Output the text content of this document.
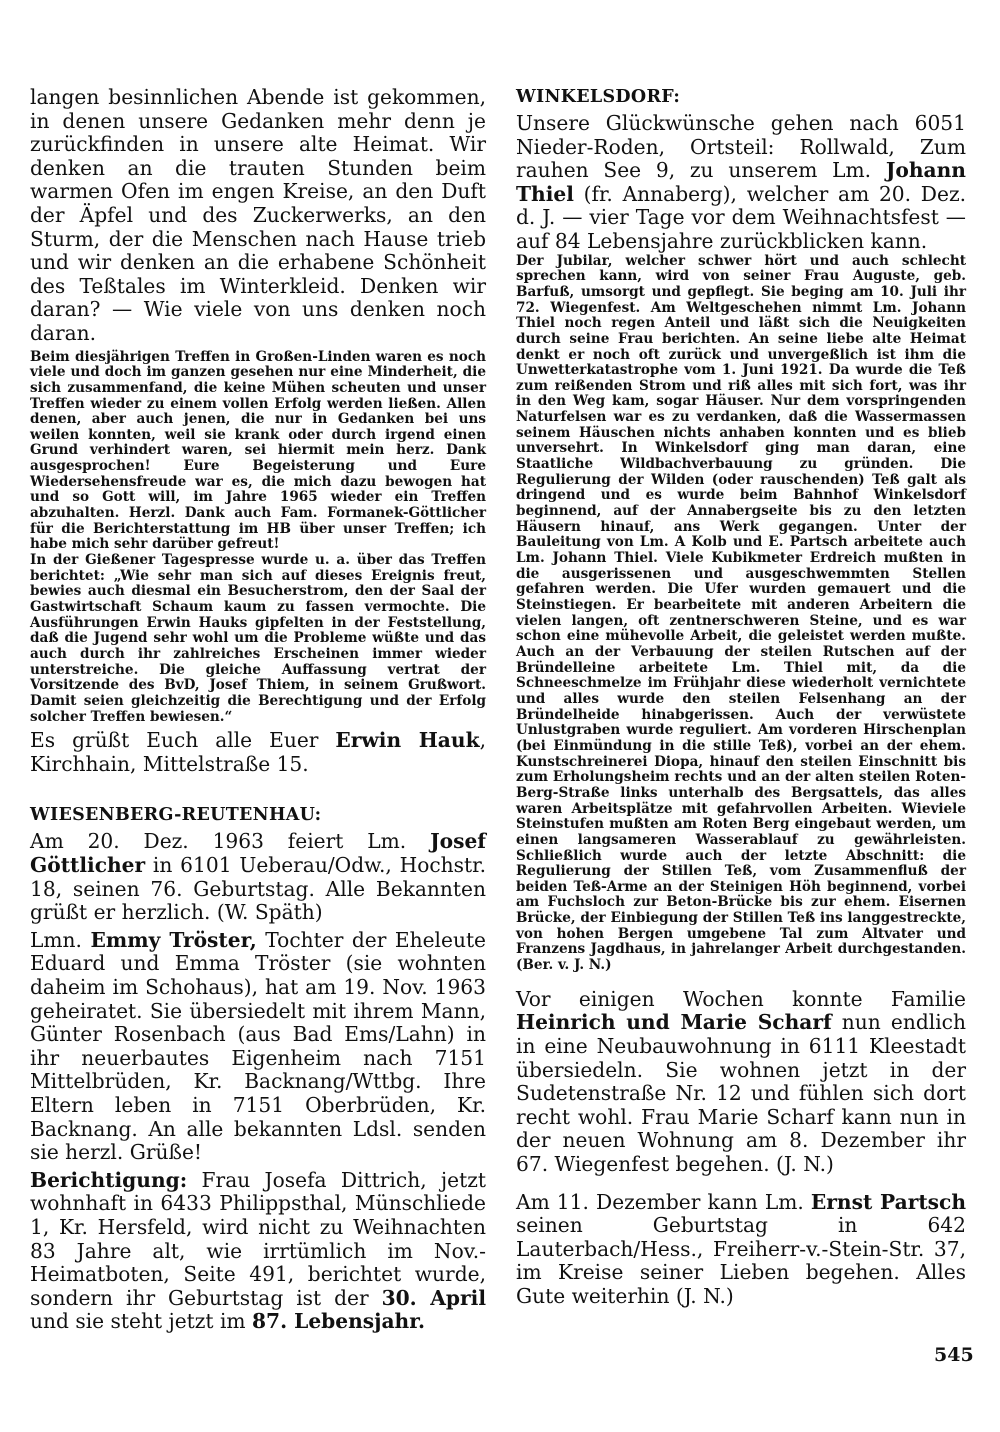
langen besinnlichen Abende ist gekommen, in denen unsere Gedanken mehr denn je zurückfinden in unsere alte Heimat. Wir denken an die trauten Stunden beim warmen Ofen im engen Kreise, an den Duft der Äpfel und des Zuckerwerks, an den Sturm, der die Menschen nach Hause trieb und wir denken an die erhabene Schönheit des Teßtales im Winterkleid. Denken wir daran? — Wie viele von uns denken noch daran.

Beim diesjährigen Treffen in Großen-Linden waren es noch viele und doch im ganzen gesehen nur eine Minderheit, die sich zusammenfand, die keine Mühen scheuten und unser Treffen wieder zu einem vollen Erfolg werden ließen. Allen denen, aber auch jenen, die nur in Gedanken bei uns weilen konnten, weil sie krank oder durch irgend einen Grund verhindert waren, sei hiermit mein herz. Dank ausgesprochen! Eure Begeisterung und Eure Wiedersehensfreude war es, die mich dazu bewogen hat und so Gott will, im Jahre 1965 wieder ein Treffen abzuhalten. Herzl. Dank auch Fam. Formanek-Göttlicher für die Berichterstattung im HB über unser Treffen; ich habe mich sehr darüber gefreut!

In der Gießener Tagespresse wurde u. a. über das Treffen berichtet: „Wie sehr man sich auf dieses Ereignis freut, bewies auch diesmal ein Besucherstrom, den der Saal der Gastwirtschaft Schaum kaum zu fassen vermochte. Die Ausführungen Erwin Hauks gipfelten in der Feststellung, daß die Jugend sehr wohl um die Probleme wüßte und das auch durch ihr zahlreiches Erscheinen immer wieder unterstreiche. Die gleiche Auffassung vertrat der Vorsitzende des BvD, Josef Thiem, in seinem Grußwort. Damit seien gleichzeitig die Berechtigung und der Erfolg solcher Treffen bewiesen.“

Es grüßt Euch alle Euer Erwin Hauk, Kirchhain, Mittelstraße 15.

WIESENBERG-REUTENHAU:

Am 20. Dez. 1963 feiert Lm. Josef Göttlicher in 6101 Ueberau/Odw., Hochstr. 18, seinen 76. Geburtstag. Alle Bekannten grüßt er herzlich. (W. Späth)

Lmn. Emmy Tröster, Tochter der Eheleute Eduard und Emma Tröster (sie wohnten daheim im Schohaus), hat am 19. Nov. 1963 geheiratet. Sie übersiedelt mit ihrem Mann, Günter Rosenbach (aus Bad Ems/Lahn) in ihr neuerbautes Eigenheim nach 7151 Mittelbrüden, Kr. Backnang/Wttbg. Ihre Eltern leben in 7151 Oberbrüden, Kr. Backnang. An alle bekannten Ldsl. senden sie herzl. Grüße!

Berichtigung: Frau Josefa Dittrich, jetzt wohnhaft in 6433 Philippsthal, Münschliede 1, Kr. Hersfeld, wird nicht zu Weihnachten 83 Jahre alt, wie irrtümlich im Nov.-Heimatboten, Seite 491, berichtet wurde, sondern ihr Geburtstag ist der 30. April und sie steht jetzt im 87. Lebensjahr.

WINKELSDORF:

Unsere Glückwünsche gehen nach 6051 Nieder-Roden, Ortsteil: Rollwald, Zum rauhen See 9, zu unserem Lm. Johann Thiel (fr. Annaberg), welcher am 20. Dez. d. J. — vier Tage vor dem Weihnachtsfest — auf 84 Lebensjahre zurückblicken kann.

Der Jubilar, welcher schwer hört und auch schlecht sprechen kann, wird von seiner Frau Auguste, geb. Barfuß, umsorgt und gepflegt. Sie beging am 10. Juli ihr 72. Wiegenfest. Am Weltgeschehen nimmt Lm. Johann Thiel noch regen Anteil und läßt sich die Neuigkeiten durch seine Frau berichten. An seine liebe alte Heimat denkt er noch oft zurück und unvergeßlich ist ihm die Unwetterkatastrophe vom 1. Juni 1921. Da wurde die Teß zum reißenden Strom und riß alles mit sich fort, was ihr in den Weg kam, sogar Häuser. Nur dem vorspringenden Naturfelsen war es zu verdanken, daß die Wassermassen seinem Häuschen nichts anhaben konnten und es blieb unversehrt. In Winkelsdorf ging man daran, eine Staatliche Wildbachverbauung zu gründen. Die Regulierung der Wilden (oder rauschenden) Teß galt als dringend und es wurde beim Bahnhof Winkelsdorf beginnend, auf der Annabergseite bis zu den letzten Häusern hinauf, ans Werk gegangen. Unter der Bauleitung von Lm. A Kolb und E. Partsch arbeitete auch Lm. Johann Thiel. Viele Kubikmeter Erdreich mußten in die ausgerissenen und ausgeschwemmten Stellen gefahren werden. Die Ufer wurden gemauert und die Steinstiegen. Er bearbeitete mit anderen Arbeitern die vielen langen, oft zentnerschweren Steine, und es war schon eine mühevolle Arbeit, die geleistet werden mußte. Auch an der Verbauung der steilen Rutschen auf der Bründelleine arbeitete Lm. Thiel mit, da die Schneeschmelze im Frühjahr diese wiederholt vernichtete und alles wurde den steilen Felsenhang an der Bründelheide hinabgerissen. Auch der verwüstete Unlustgraben wurde reguliert. Am vorderen Hirschenplan (bei Einmündung in die stille Teß), vorbei an der ehem. Kunstschreinerei Diopa, hinauf den steilen Einschnitt bis zum Erholungsheim rechts und an der alten steilen Roten-Berg-Straße links unterhalb des Bergsattels, das alles waren Arbeitsplätze mit gefahrvollen Arbeiten. Wieviele Steinstufen mußten am Roten Berg eingebaut werden, um einen langsameren Wasserablauf zu gewährleisten. Schließlich wurde auch der letzte Abschnitt: die Regulierung der Stillen Teß, vom Zusammenfluß der beiden Teß-Arme an der Steinigen Höh beginnend, vorbei am Fuchsloch zur Beton-Brücke bis zur ehem. Eisernen Brücke, der Einbiegung der Stillen Teß ins langgestreckte, von hohen Bergen umgebene Tal zum Altvater und Franzens Jagdhaus, in jahrelanger Arbeit durchgestanden. (Ber. v. J. N.)

Vor einigen Wochen konnte Familie Heinrich und Marie Scharf nun endlich in eine Neubauwohnung in 6111 Kleestadt übersiedeln. Sie wohnen jetzt in der Sudetenstraße Nr. 12 und fühlen sich dort recht wohl. Frau Marie Scharf kann nun in der neuen Wohnung am 8. Dezember ihr 67. Wiegenfest begehen. (J. N.)

Am 11. Dezember kann Lm. Ernst Partsch seinen Geburtstag in 642 Lauterbach/Hess., Freiherr-v.-Stein-Str. 37, im Kreise seiner Lieben begehen. Alles Gute weiterhin (J. N.)

545
